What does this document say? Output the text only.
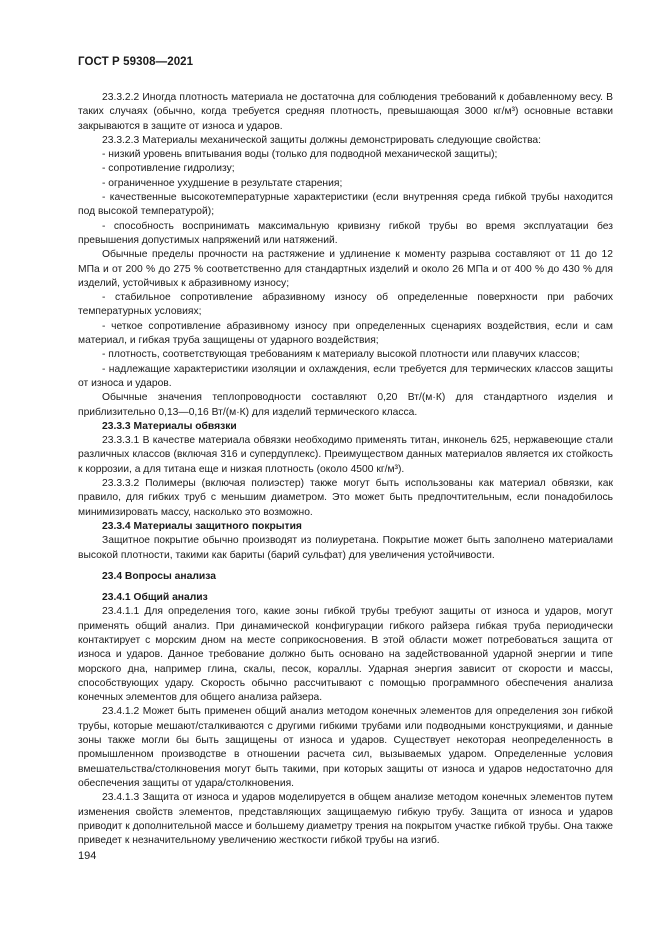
ГОСТ Р 59308—2021

23.3.2.2 Иногда плотность материала не достаточна для соблюдения требований к добавленному весу. В таких случаях (обычно, когда требуется средняя плотность, превышающая 3000 кг/м³) основные вставки закрываются в защите от износа и ударов.

23.3.2.3 Материалы механической защиты должны демонстрировать следующие свойства:

- низкий уровень впитывания воды (только для подводной механической защиты);

- сопротивление гидролизу;

- ограниченное ухудшение в результате старения;

- качественные высокотемпературные характеристики (если внутренняя среда гибкой трубы находится под высокой температурой);

- способность воспринимать максимальную кривизну гибкой трубы во время эксплуатации без превышения допустимых напряжений или натяжений.

Обычные пределы прочности на растяжение и удлинение к моменту разрыва составляют от 11 до 12 МПа и от 200 % до 275 % соответственно для стандартных изделий и около 26 МПа и от 400 % до 430 % для изделий, устойчивых к абразивному износу;

- стабильное сопротивление абразивному износу об определенные поверхности при рабочих температурных условиях;

- четкое сопротивление абразивному износу при определенных сценариях воздействия, если и сам материал, и гибкая труба защищены от ударного воздействия;

- плотность, соответствующая требованиям к материалу высокой плотности или плавучих классов;

- надлежащие характеристики изоляции и охлаждения, если требуется для термических классов защиты от износа и ударов.

Обычные значения теплопроводности составляют 0,20 Вт/(м·К) для стандартного изделия и приблизительно 0,13—0,16 Вт/(м·К) для изделий термического класса.

23.3.3 Материалы обвязки

23.3.3.1 В качестве материала обвязки необходимо применять титан, инконель 625, нержавеющие стали различных классов (включая 316 и супердуплекс). Преимуществом данных материалов является их стойкость к коррозии, а для титана еще и низкая плотность (около 4500 кг/м³).

23.3.3.2 Полимеры (включая полиэстер) также могут быть использованы как материал обвязки, как правило, для гибких труб с меньшим диаметром. Это может быть предпочтительным, если понадобилось минимизировать массу, насколько это возможно.

23.3.4 Материалы защитного покрытия

Защитное покрытие обычно производят из полиуретана. Покрытие может быть заполнено материалами высокой плотности, такими как бариты (барий сульфат) для увеличения устойчивости.

23.4 Вопросы анализа

23.4.1 Общий анализ

23.4.1.1 Для определения того, какие зоны гибкой трубы требуют защиты от износа и ударов, могут применять общий анализ. При динамической конфигурации гибкого райзера гибкая труба периодически контактирует с морским дном на месте соприкосновения. В этой области может потребоваться защита от износа и ударов. Данное требование должно быть основано на задействованной ударной энергии и типе морского дна, например глина, скалы, песок, кораллы. Ударная энергия зависит от скорости и массы, способствующих удару. Скорость обычно рассчитывают с помощью программного обеспечения анализа конечных элементов для общего анализа райзера.

23.4.1.2 Может быть применен общий анализ методом конечных элементов для определения зон гибкой трубы, которые мешают/сталкиваются с другими гибкими трубами или подводными конструкциями, и данные зоны также могли бы быть защищены от износа и ударов. Существует некоторая неопределенность в промышленном производстве в отношении расчета сил, вызываемых ударом. Определенные условия вмешательства/столкновения могут быть такими, при которых защиты от износа и ударов недостаточно для обеспечения защиты от удара/столкновения.

23.4.1.3 Защита от износа и ударов моделируется в общем анализе методом конечных элементов путем изменения свойств элементов, представляющих защищаемую гибкую трубу. Защита от износа и ударов приводит к дополнительной массе и большему диаметру трения на покрытом участке гибкой трубы. Она также приведет к незначительному увеличению жесткости гибкой трубы на изгиб.

194
